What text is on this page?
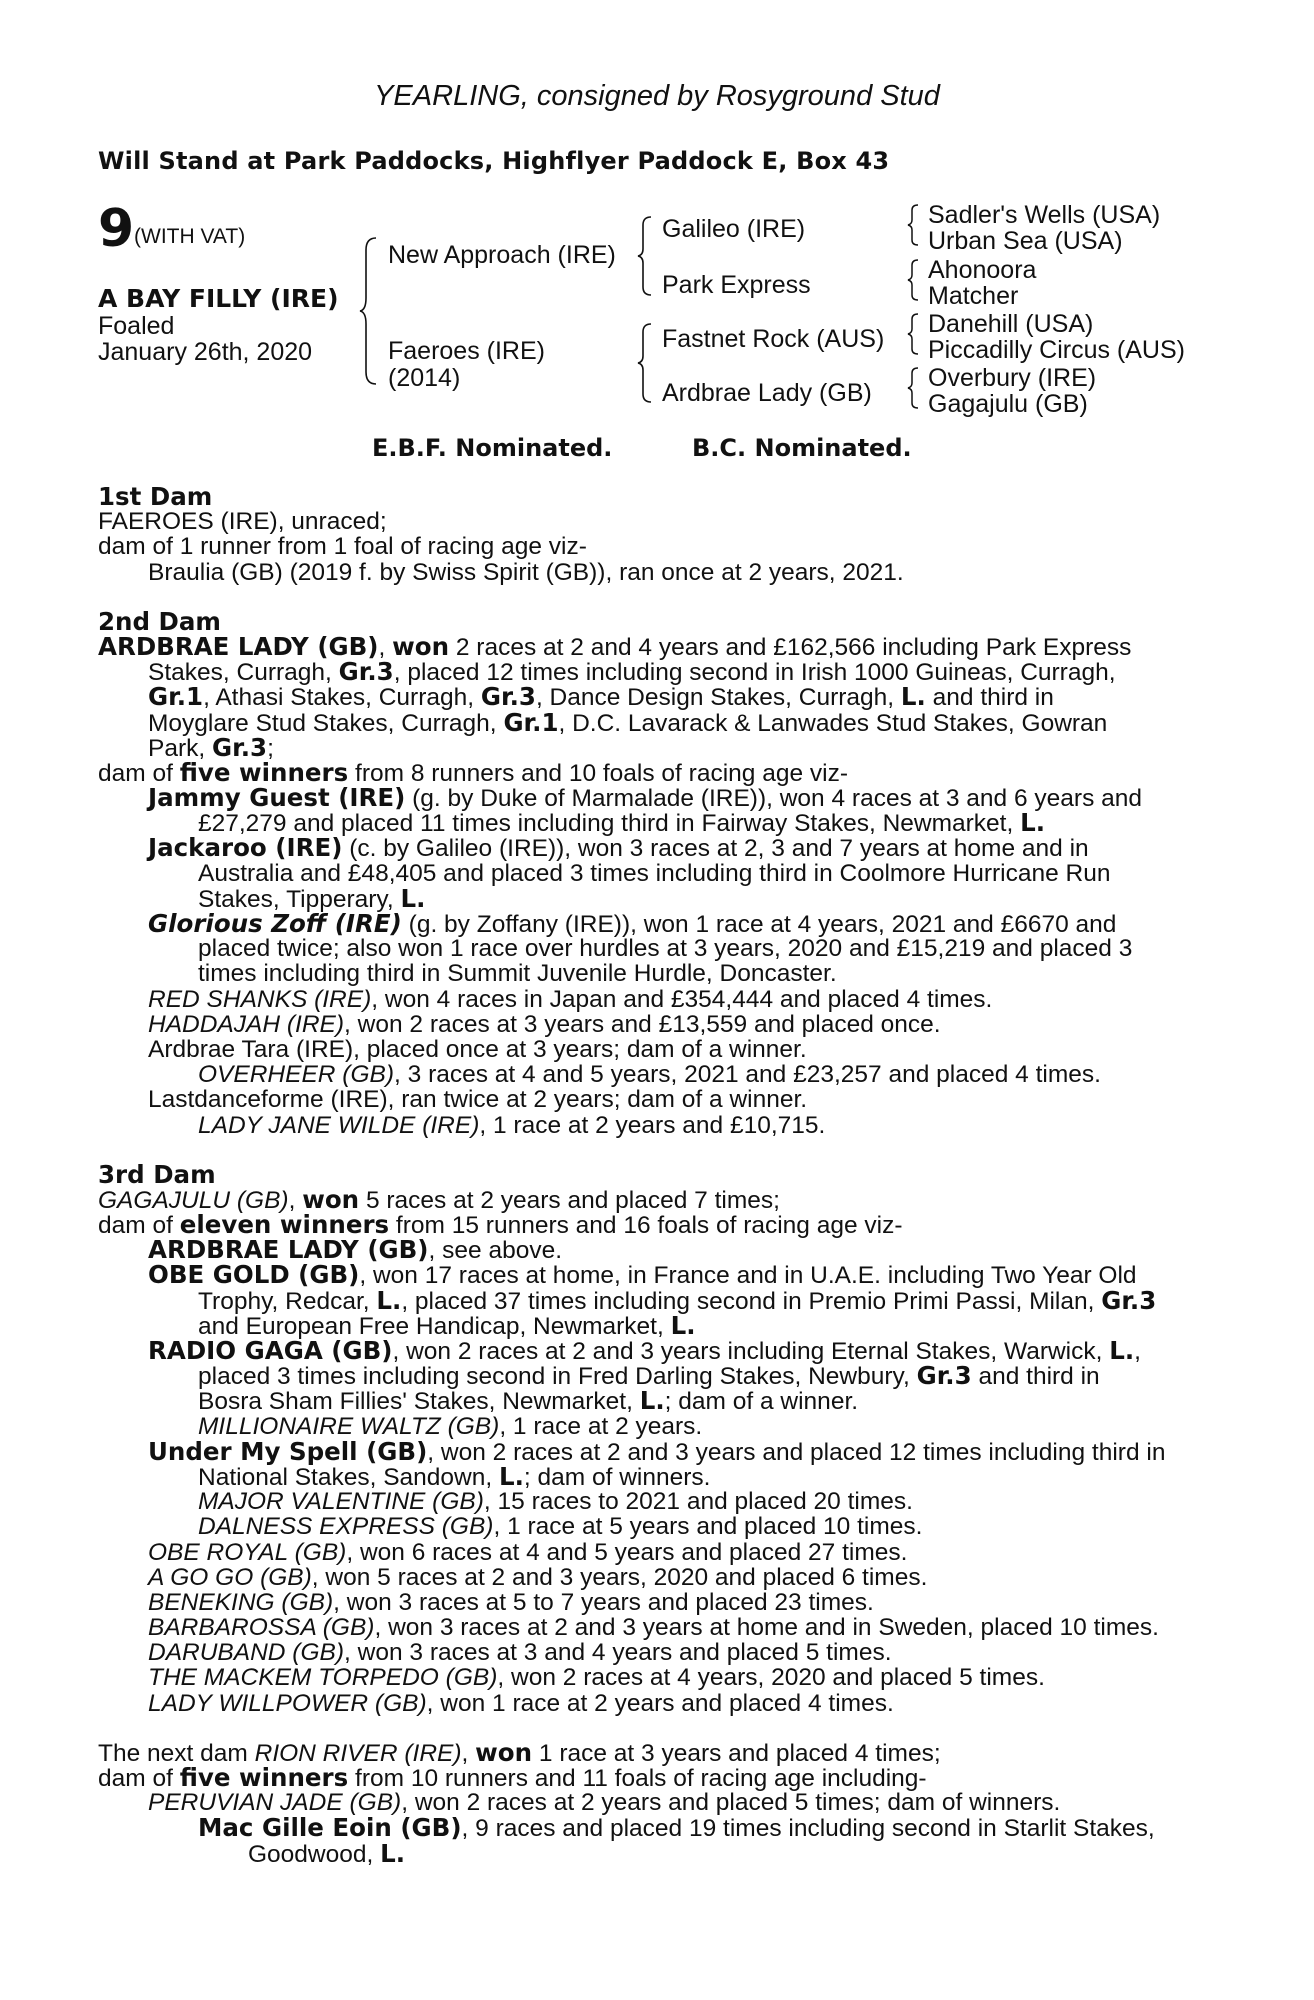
YEARLING, consigned by Rosyground Stud
Will Stand at Park Paddocks, Highflyer Paddock E, Box 43
9 (WITH VAT)
A BAY FILLY (IRE)
Foaled
January 26th, 2020
New Approach (IRE)
Faeroes (IRE)
(2014)
Galileo (IRE)
Park Express
Fastnet Rock (AUS)
Ardbrae Lady (GB)
Sadler's Wells (USA)
Urban Sea (USA)
Ahonoora
Matcher
Danehill (USA)
Piccadilly Circus (AUS)
Overbury (IRE)
Gagajulu (GB)
E.B.F. Nominated.	B.C. Nominated.
1st Dam
FAEROES (IRE), unraced;
dam of 1 runner from 1 foal of racing age viz-
Braulia (GB) (2019 f. by Swiss Spirit (GB)), ran once at 2 years, 2021.
2nd Dam
ARDBRAE LADY (GB), won 2 races at 2 and 4 years and £162,566 including Park Express
Stakes, Curragh, Gr.3, placed 12 times including second in Irish 1000 Guineas, Curragh,
Gr.1, Athasi Stakes, Curragh, Gr.3, Dance Design Stakes, Curragh, L. and third in
Moyglare Stud Stakes, Curragh, Gr.1, D.C. Lavarack & Lanwades Stud Stakes, Gowran
Park, Gr.3;
dam of five winners from 8 runners and 10 foals of racing age viz-
Jammy Guest (IRE) (g. by Duke of Marmalade (IRE)), won 4 races at 3 and 6 years and
£27,279 and placed 11 times including third in Fairway Stakes, Newmarket, L.
Jackaroo (IRE) (c. by Galileo (IRE)), won 3 races at 2, 3 and 7 years at home and in
Australia and £48,405 and placed 3 times including third in Coolmore Hurricane Run
Stakes, Tipperary, L.
Glorious Zoff (IRE) (g. by Zoffany (IRE)), won 1 race at 4 years, 2021 and £6670 and
placed twice; also won 1 race over hurdles at 3 years, 2020 and £15,219 and placed 3
times including third in Summit Juvenile Hurdle, Doncaster.
RED SHANKS (IRE), won 4 races in Japan and £354,444 and placed 4 times.
HADDAJAH (IRE), won 2 races at 3 years and £13,559 and placed once.
Ardbrae Tara (IRE), placed once at 3 years; dam of a winner.
OVERHEER (GB), 3 races at 4 and 5 years, 2021 and £23,257 and placed 4 times.
Lastdanceforme (IRE), ran twice at 2 years; dam of a winner.
LADY JANE WILDE (IRE), 1 race at 2 years and £10,715.
3rd Dam
GAGAJULU (GB), won 5 races at 2 years and placed 7 times;
dam of eleven winners from 15 runners and 16 foals of racing age viz-
ARDBRAE LADY (GB), see above.
OBE GOLD (GB), won 17 races at home, in France and in U.A.E. including Two Year Old
Trophy, Redcar, L., placed 37 times including second in Premio Primi Passi, Milan, Gr.3
and European Free Handicap, Newmarket, L.
RADIO GAGA (GB), won 2 races at 2 and 3 years including Eternal Stakes, Warwick, L.,
placed 3 times including second in Fred Darling Stakes, Newbury, Gr.3 and third in
Bosra Sham Fillies' Stakes, Newmarket, L.; dam of a winner.
MILLIONAIRE WALTZ (GB), 1 race at 2 years.
Under My Spell (GB), won 2 races at 2 and 3 years and placed 12 times including third in
National Stakes, Sandown, L.; dam of winners.
MAJOR VALENTINE (GB), 15 races to 2021 and placed 20 times.
DALNESS EXPRESS (GB), 1 race at 5 years and placed 10 times.
OBE ROYAL (GB), won 6 races at 4 and 5 years and placed 27 times.
A GO GO (GB), won 5 races at 2 and 3 years, 2020 and placed 6 times.
BENEKING (GB), won 3 races at 5 to 7 years and placed 23 times.
BARBAROSSA (GB), won 3 races at 2 and 3 years at home and in Sweden, placed 10 times.
DARUBAND (GB), won 3 races at 3 and 4 years and placed 5 times.
THE MACKEM TORPEDO (GB), won 2 races at 4 years, 2020 and placed 5 times.
LADY WILLPOWER (GB), won 1 race at 2 years and placed 4 times.
The next dam RION RIVER (IRE), won 1 race at 3 years and placed 4 times;
dam of five winners from 10 runners and 11 foals of racing age including-
PERUVIAN JADE (GB), won 2 races at 2 years and placed 5 times; dam of winners.
Mac Gille Eoin (GB), 9 races and placed 19 times including second in Starlit Stakes,
Goodwood, L.
